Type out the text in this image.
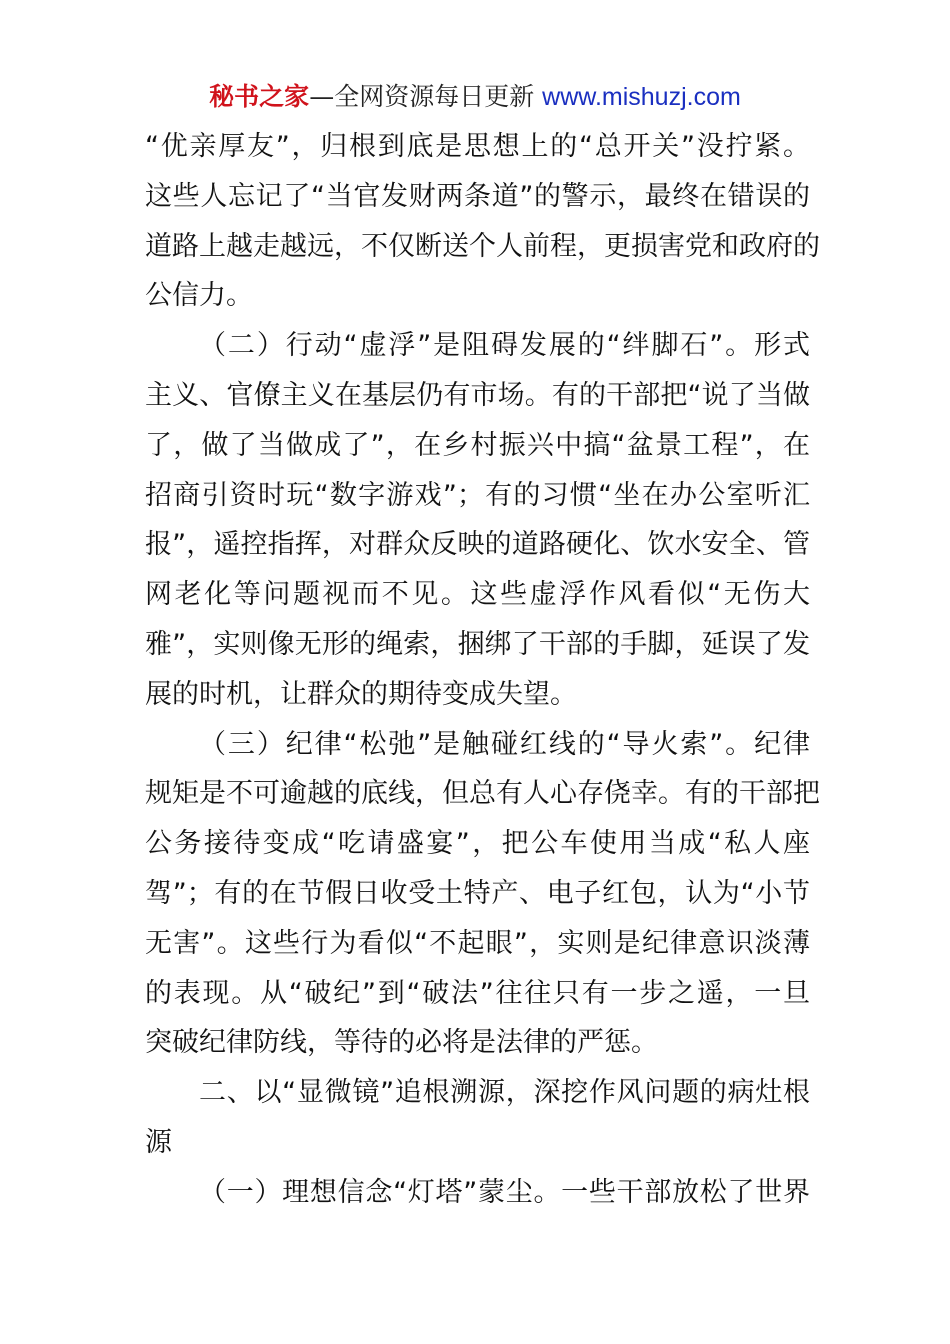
秘书之家—全网资源每日更新 www.mishuzj.com
“优亲厚友”，归根到底是思想上的“总开关”没拧紧。
这些人忘记了“当官发财两条道”的警示，最终在错误的
道路上越走越远，不仅断送个人前程，更损害党和政府的
公信力。
（二）行动“虚浮”是阻碍发展的“绊脚石”。形式
主义、官僚主义在基层仍有市场。有的干部把“说了当做
了，做了当做成了”，在乡村振兴中搞“盆景工程”，在
招商引资时玩“数字游戏”；有的习惯“坐在办公室听汇
报”，遥控指挥，对群众反映的道路硬化、饮水安全、管
网老化等问题视而不见。这些虚浮作风看似“无伤大
雅”，实则像无形的绳索，捆绑了干部的手脚，延误了发
展的时机，让群众的期待变成失望。
（三）纪律“松弛”是触碰红线的“导火索”。纪律
规矩是不可逾越的底线，但总有人心存侥幸。有的干部把
公务接待变成“吃请盛宴”，把公车使用当成“私人座
驾”；有的在节假日收受土特产、电子红包，认为“小节
无害”。这些行为看似“不起眼”，实则是纪律意识淡薄
的表现。从“破纪”到“破法”往往只有一步之遥，一旦
突破纪律防线，等待的必将是法律的严惩。
二、以“显微镜”追根溯源，深挖作风问题的病灶根
源
（一）理想信念“灯塔”蒙尘。一些干部放松了世界
